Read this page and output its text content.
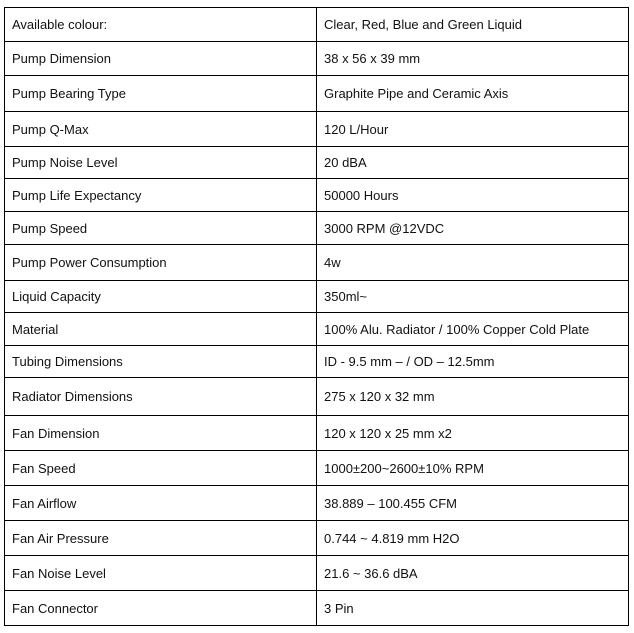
Available colour:	Clear, Red, Blue and Green Liquid
Pump Dimension	38 x 56 x 39 mm
Pump Bearing Type	Graphite Pipe and Ceramic Axis
Pump Q-Max	120 L/Hour
Pump Noise Level	20 dBA
Pump Life Expectancy	50000 Hours
Pump Speed	3000 RPM @12VDC
Pump Power Consumption	4w
Liquid Capacity	350ml~
Material	100% Alu. Radiator / 100% Copper Cold Plate
Tubing Dimensions	ID - 9.5 mm – / OD – 12.5mm
Radiator Dimensions	275 x 120 x 32 mm
Fan Dimension	120 x 120 x 25 mm x2
Fan Speed	1000±200~2600±10% RPM
Fan Airflow	38.889 – 100.455 CFM
Fan Air Pressure	0.744 ~ 4.819 mm H2O
Fan Noise Level	21.6 ~ 36.6 dBA
Fan Connector	3 Pin
